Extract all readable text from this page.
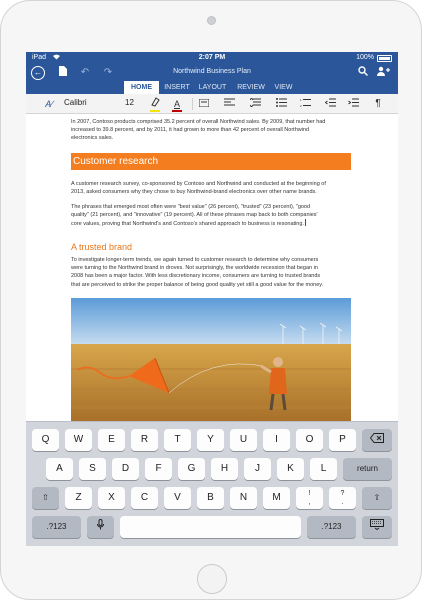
iPad	2:07 PM	100%
←	↶ ↷	Northwind Business Plan
HOME	INSERT	LAYOUT	REVIEW	VIEW
A∕	Calibri	12	A	1
2	¶
In 2007, Contoso products comprised 35.2 percent of overall Northwind sales. By 2009, that number had
increased to 39.8 percent, and by 2011, it had grown to more than 42 percent of overall Northwind
electronics sales.
Customer research
A customer research survey, co-sponsored by Contoso and Northwind and conducted at the beginning of
2013, asked consumers why they chose to buy Northwind-brand electronics over other name brands.
The phrases that emerged most often were "best value" (26 percent), "trusted" (23 percent), "good
quality" (21 percent), and "innovative" (19 percent). All of these phrases map back to both companies'
core values, proving that Northwind's and Contoso's shared approach to business is resonating.
A trusted brand
To investigate longer-term trends, we again turned to customer research to determine why consumers
were turning to the Northwind brand in droves. Not surprisingly, the worldwide recession that began in
2008 has been a major factor. With less discretionary income, consumers are turning to trusted brands
that are perceived to strike the proper balance of being good quality yet still a good value for the money.
Q	W	E	R	T	Y	U	I	O	P
A	S	D	F	G	H	J	K	L	return
⇧	Z	X	C	V	B	N	M	!
,
?
.
⇧
.?123	.?123
